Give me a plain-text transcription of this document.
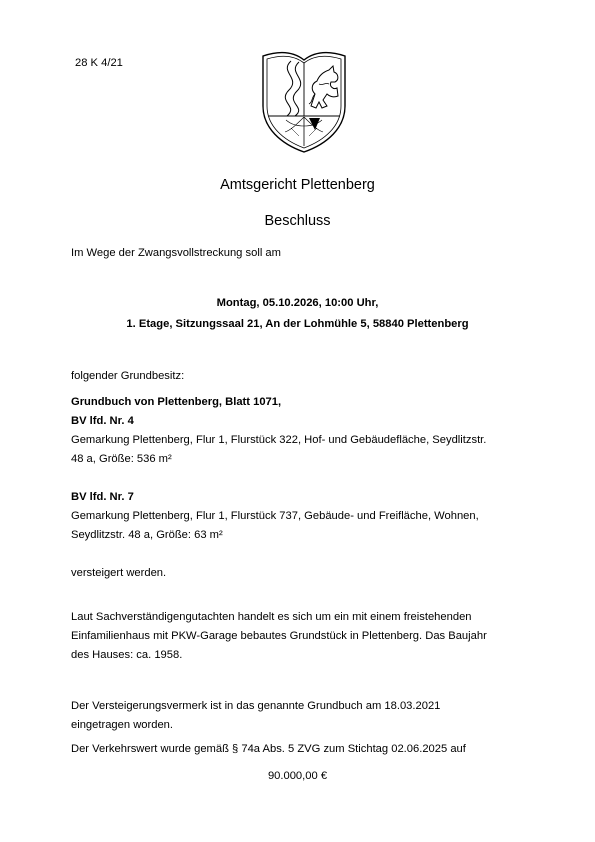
28 K 4/21
Amtsgericht Plettenberg
Beschluss
Im Wege der Zwangsvollstreckung soll am
Montag, 05.10.2026, 10:00 Uhr,
1. Etage, Sitzungssaal 21, An der Lohmühle 5, 58840 Plettenberg
folgender Grundbesitz:
Grundbuch von Plettenberg, Blatt 1071,
BV lfd. Nr. 4
Gemarkung Plettenberg, Flur 1, Flurstück 322, Hof- und Gebäudefläche, Seydlitzstr.
48 a, Größe: 536 m²
BV lfd. Nr. 7
Gemarkung Plettenberg, Flur 1, Flurstück 737, Gebäude- und Freifläche, Wohnen,
Seydlitzstr. 48 a, Größe: 63 m²
versteigert werden.
Laut Sachverständigengutachten handelt es sich um ein mit einem freistehenden
Einfamilienhaus mit PKW-Garage bebautes Grundstück in Plettenberg. Das Baujahr
des Hauses: ca. 1958.
Der Versteigerungsvermerk ist in das genannte Grundbuch am 18.03.2021
eingetragen worden.
Der Verkehrswert wurde gemäß § 74a Abs. 5 ZVG zum Stichtag 02.06.2025 auf
90.000,00 €
